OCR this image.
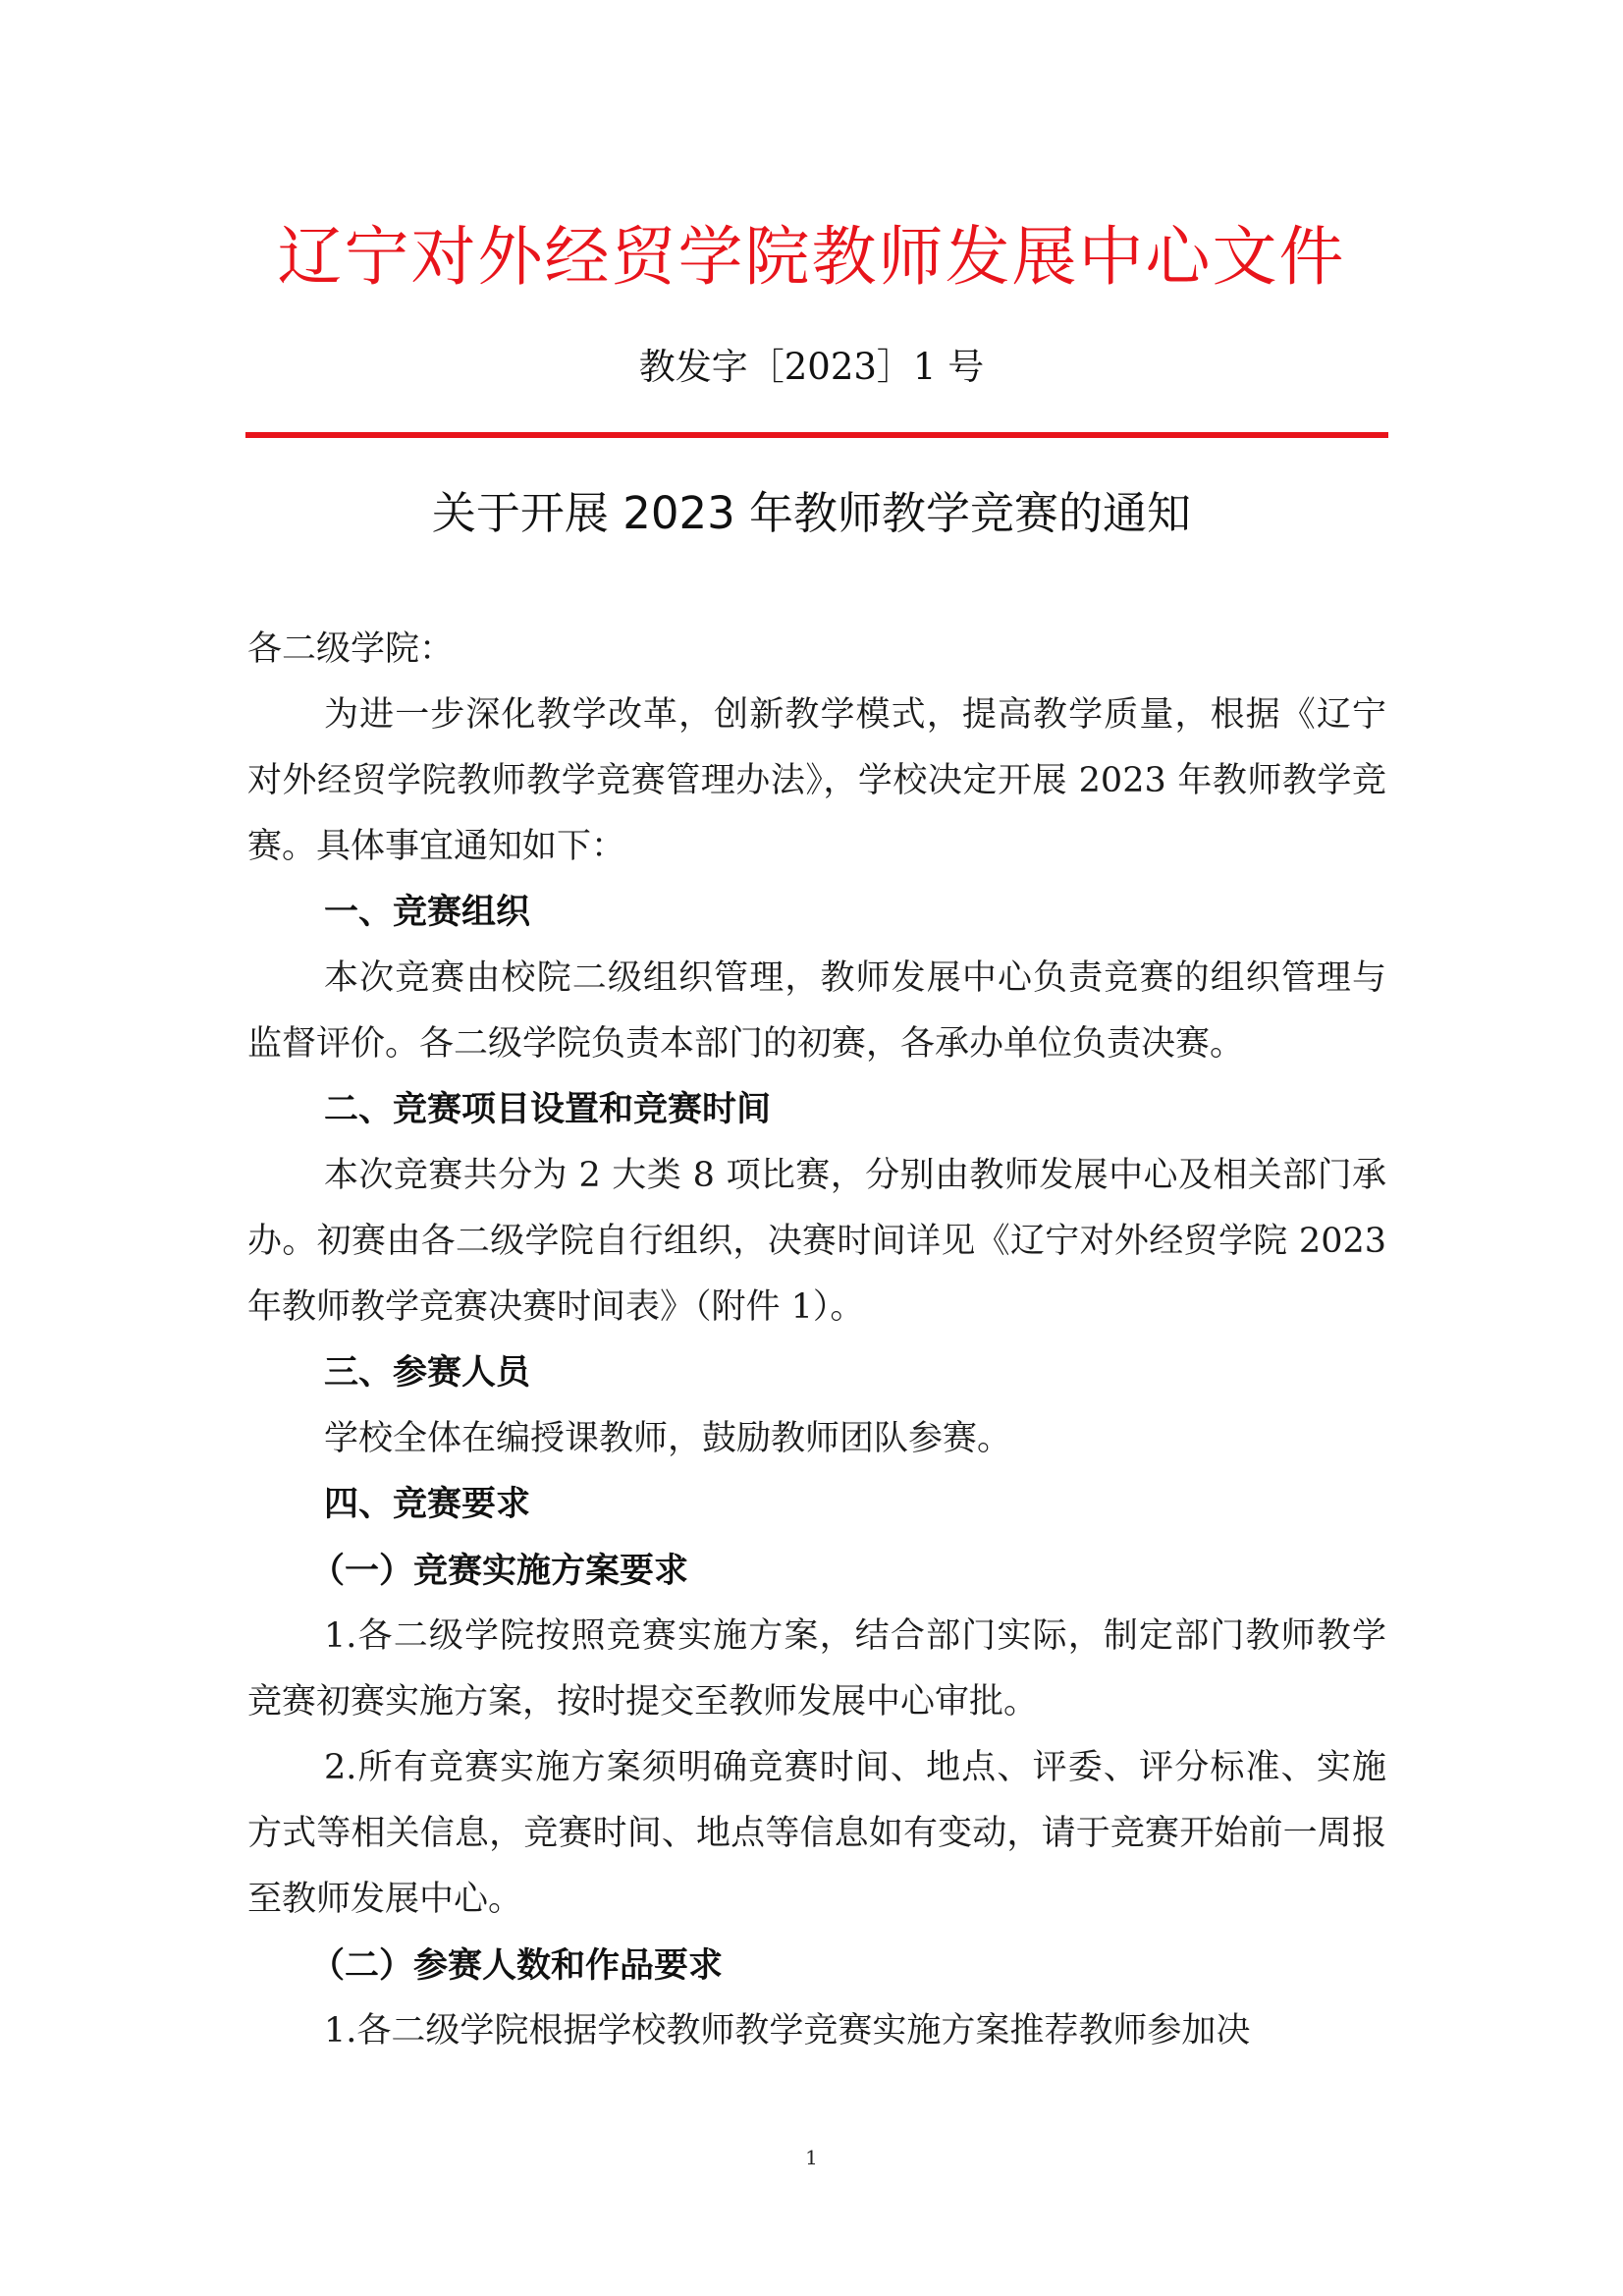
辽宁对外经贸学院教师发展中心文件
教发字［2023］1 号
关于开展 2023 年教师教学竞赛的通知

各二级学院：

为进一步深化教学改革，创新教学模式，提高教学质量，根据《辽宁对外经贸学院教师教学竞赛管理办法》，学校决定开展 2023 年教师教学竞赛。具体事宜通知如下：

一、竞赛组织

本次竞赛由校院二级组织管理，教师发展中心负责竞赛的组织管理与监督评价。各二级学院负责本部门的初赛，各承办单位负责决赛。

二、竞赛项目设置和竞赛时间

本次竞赛共分为 2 大类 8 项比赛，分别由教师发展中心及相关部门承办。初赛由各二级学院自行组织，决赛时间详见《辽宁对外经贸学院 2023 年教师教学竞赛决赛时间表》（附件 1）。

三、参赛人员

学校全体在编授课教师，鼓励教师团队参赛。

四、竞赛要求

（一）竞赛实施方案要求

1.各二级学院按照竞赛实施方案，结合部门实际，制定部门教师教学竞赛初赛实施方案，按时提交至教师发展中心审批。

2.所有竞赛实施方案须明确竞赛时间、地点、评委、评分标准、实施方式等相关信息，竞赛时间、地点等信息如有变动，请于竞赛开始前一周报至教师发展中心。

（二）参赛人数和作品要求

1.各二级学院根据学校教师教学竞赛实施方案推荐教师参加决

1
